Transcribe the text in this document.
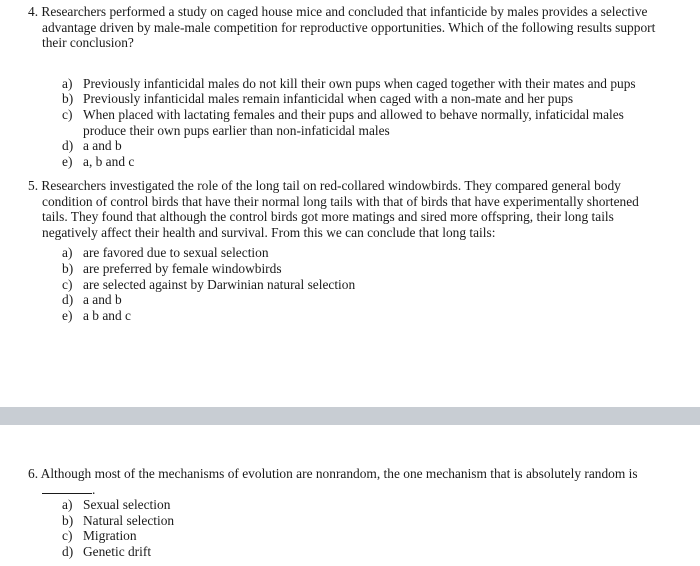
4. Researchers performed a study on caged house mice and concluded that infanticide by males provides a selective advantage driven by male-male competition for reproductive opportunities. Which of the following results support their conclusion?

a) Previously infanticidal males do not kill their own pups when caged together with their mates and pups
b) Previously infanticidal males remain infanticidal when caged with a non-mate and her pups
c) When placed with lactating females and their pups and allowed to behave normally, infaticidal males produce their own pups earlier than non-infaticidal males
d) a and b
e) a, b and c

5. Researchers investigated the role of the long tail on red-collared windowbirds. They compared general body condition of control birds that have their normal long tails with that of birds that have experimentally shortened tails. They found that although the control birds got more matings and sired more offspring, their long tails negatively affect their health and survival. From this we can conclude that long tails:

a) are favored due to sexual selection
b) are preferred by female windowbirds
c) are selected against by Darwinian natural selection
d) a and b
e) a b and c

6. Although most of the mechanisms of evolution are nonrandom, the one mechanism that is absolutely random is .

a) Sexual selection
b) Natural selection
c) Migration
d) Genetic drift
